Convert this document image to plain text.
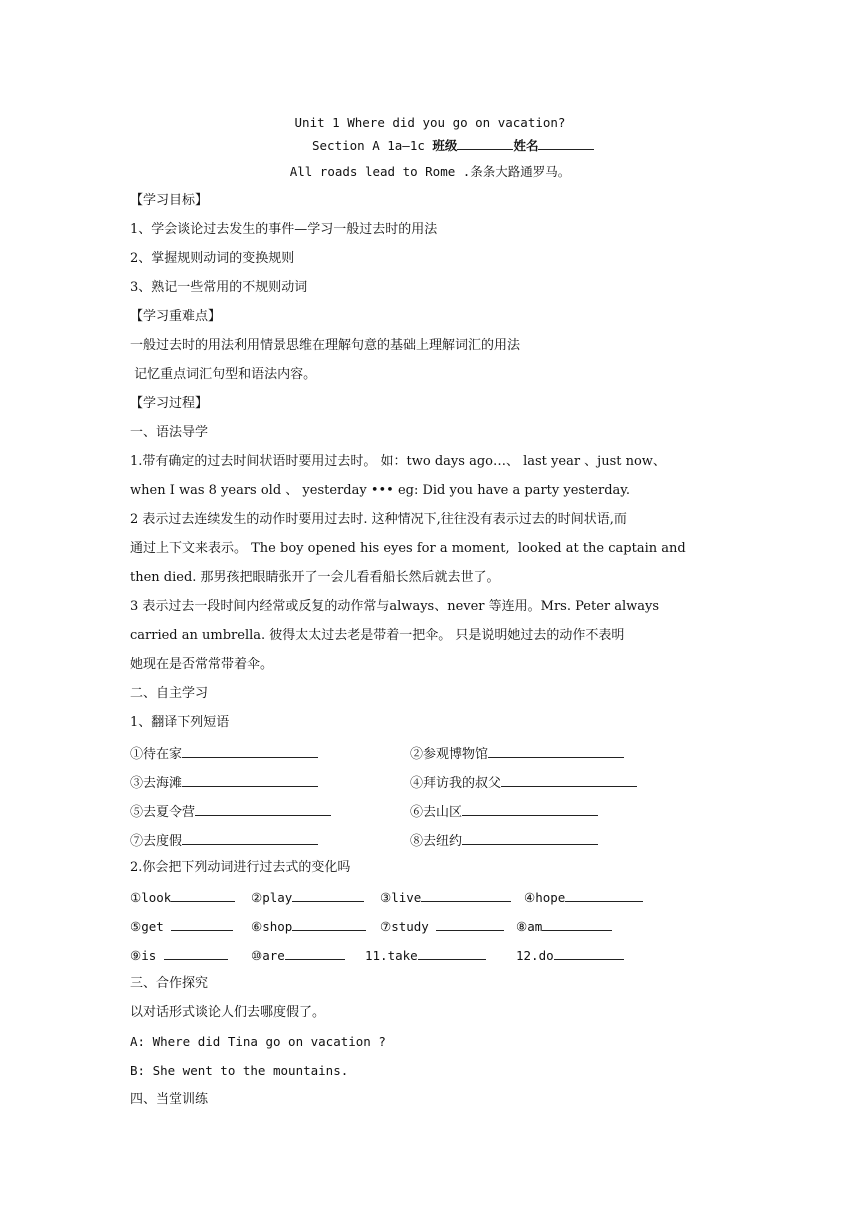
Unit 1 Where did you go on vacation?
Section A 1a—1c 班级	姓名
All roads lead to Rome .条条大路通罗马。
【学习目标】
1、学会谈论过去发生的事件—学习一般过去时的用法
2、掌握规则动词的变换规则
3、熟记一些常用的不规则动词
【学习重难点】
一般过去时的用法利用情景思维在理解句意的基础上理解词汇的用法
记忆重点词汇句型和语法内容。
【学习过程】
一、语法导学
1.带有确定的过去时间状语时要用过去时。 如：two days ago…、 last year 、just now、
when I was 8 years old 、 yesterday ••• eg: Did you have a party yesterday.
2 表示过去连续发生的动作时要用过去时. 这种情况下,往往没有表示过去的时间状语,而
通过上下文来表示。 The boy opened his eyes for a moment,  looked at the captain and
then died. 那男孩把眼睛张开了一会儿看看船长然后就去世了。
3 表示过去一段时间内经常或反复的动作常与always、never 等连用。Mrs. Peter always
carried an umbrella. 彼得太太过去老是带着一把伞。 只是说明她过去的动作不表明
她现在是否常常带着伞。
二、自主学习
1、翻译下列短语
①待在家	②参观博物馆
③去海滩	④拜访我的叔父
⑤去夏令营	⑥去山区
⑦去度假	⑧去纽约
2.你会把下列动词进行过去式的变化吗
①look	②play	③live	④hope
⑤get	⑥shop	⑦study	⑧am
⑨is	⑩are	11.take	12.do
三、合作探究
以对话形式谈论人们去哪度假了。
A: Where did Tina go on vacation ?
B: She went to the mountains.
四、当堂训练
